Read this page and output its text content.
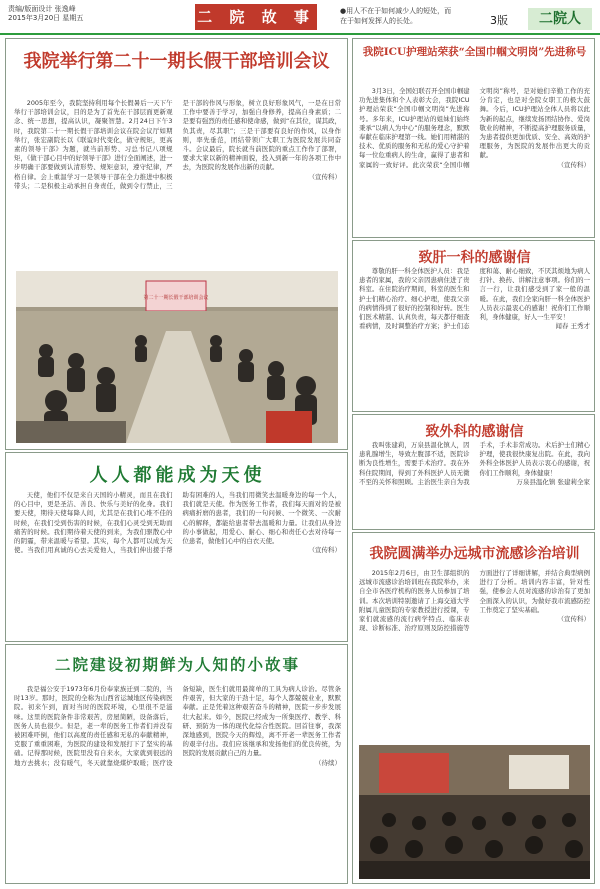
责编/版面设计 张逸峰
2015年3月20日 星期五	二 院 故 事	●用人不在于如何减少人的短处，而
在于如何发挥人的长处。	3版	二院人
我院举行第二十一期长假干部培训会议

2005年至今，我院坚持利用每个长假暑后一天下午举行干部培训会议，目的是为了首先在干部层面更新观念、统一思想，提高认识，凝聚智慧。2月24日下午3时，我院第二十一期长假干部培训会议在院会议厅如期举行，张宏副院长以《联谊时代变化，做守规矩，更高素的领导干部》为题，就当前形势、习总书记八项规矩，《做干部心目中的好领导干部》进行全面阐述，进一步明确干部要做到认清形势、规矩意识，遵守纪律，严格自律。会上重温学习一是领导干部在全力推进中积极带头；二是积极主动承担自身责任，做到令行禁止，三是干部的作风与形象，树立良好形象风气，一是在日常工作中要善于学习，加强自身修养，提高自身素质；二是要有强烈的责任感和使命感，做到“在其位，谋其政，负其责，尽其职”；三是干部要有良好的作风，以身作则，率先垂范，团结带领广大职工为医院发展共同奋斗。会议最后，院长就当前医院的重点工作作了部署，要求大家以新的精神面貌，投入到新一年的各项工作中去，为医院的发展作出新的贡献。

（宣传科）

第二十一期长假干部培训会议
我院ICU护理站荣获“全国巾帼文明岗”先进称号

3月3日，全国妇联召开全国巾帼建功先进集体和个人表彰大会，我院ICU护理站荣获“全国巾帼文明岗”先进称号。多年来，ICU护理站的姐妹们始终秉承“以病人为中心”的服务理念，默默奉献在临床护理第一线。她们用精湛的技术、优质的服务和无私的爱心守护着每一位危重病人的生命，赢得了患者和家属的一致好评。此次荣获“全国巾帼文明岗”称号，是对她们辛勤工作的充分肯定，也是对全院女职工的极大鼓舞。今后，ICU护理站全体人员将以此为新的起点，继续发扬团结协作、爱岗敬业的精神，不断提高护理服务质量，为患者提供更加优质、安全、高效的护理服务，为医院的发展作出更大的贡献。

（宣传科）

致肝一科的感谢信

尊敬的肝一科全体医护人员：我是患者的家属，我的父亲因患病住进了贵科室。在住院治疗期间，科室的医生和护士们精心治疗、细心护理，使我父亲的病情得到了很好的控制和好转。医生们医术精湛、认真负责，每天都仔细查看病情，及时调整治疗方案；护士们态度和蔼、耐心细致，不厌其烦地为病人打针、换药、讲解注意事项。你们的一言一行，让我们感受到了家一般的温暖。在此，我们全家向肝一科全体医护人员表示最衷心的感谢！祝你们工作顺利，身体健康，好人一生平安！

闻春 王秀才

致外科的感谢信

我叫张建莉，万泉县温化镇人，因患乳腺增生，导致左腹部不适，医院诊断为良性增生，需要手术治疗。我在外科住院期间，得到了外科医护人员无微不至的关怀和照顾。主治医生亲自为我手术，手术非常成功。术后护士们精心护理，使我很快康复出院。在此，我向外科全体医护人员表示衷心的感谢，祝你们工作顺利，身体健康！

万泉县温化镇 张建莉全家

人人都能成为天使

天使，他们不仅是来自天国的小精灵，而且在我们的心目中，更是圣洁、善良、快乐与美好的化身。我们要天使，期待天使每降人间，尤其是在我们心堆不佳的时候，在我们受到伤害的时候，在我们心灵受到无助而痛苦的时候。我们期待着天使的到来，为我们驱散心中的阴霾，带来温暖与希望。其实，每个人都可以成为天使。当我们用真诚的心去关爱他人，当我们伸出援手帮助有困难的人，当我们用微笑去温暖身边的每一个人，我们就是天使。作为医务工作者，我们每天面对的是被病痛折磨的患者，我们的一句问候、一个微笑、一次耐心的解释，都能给患者带去温暖和力量。让我们从身边的小事做起，用爱心、耐心、细心和责任心去对待每一位患者，做他们心中的白衣天使。

（宣传科）	我院圆满举办远城市流感诊治培训

2015年2月6日，由卫生部组织的远城市流感诊治培训班在我院举办，来自全市各医疗机构的医务人员参加了培训。本次培训特别邀请了上海交通大学附属儿童医院的专家教授进行授课，专家们就流感的流行病学特点、临床表现、诊断标准、治疗原则及防控措施等方面进行了详细讲解，并结合典型病例进行了分析。培训内容丰富，针对性强，使参会人员对流感的诊治有了更加全面深入的认识，为做好我市流感防控工作奠定了坚实基础。

（宣传科）

二院建设初期鲜为人知的小故事

我是福公安于1973年6月份奉家族迁到二院的，当时13岁。那时，医院的全称为山西省运城地区传染病医院。初来乍到，面对当时的医院环境，心里很不是滋味。这里的医院条件非常艰苦，房屋简陋，设备落后，医务人员也很少。但是，老一辈的医务工作者们并没有被困难吓倒，他们以高度的责任感和无私的奉献精神，克服了重重困难，为医院的建设和发展打下了坚实的基础。记得那时候，医院里没有自来水，大家就到很远的地方去挑水；没有暖气，冬天就靠烧煤炉取暖；医疗设备短缺，医生们就用最简单的工具为病人诊治。尽管条件艰苦，但大家的干劲十足，每个人都兢兢业业，默默奉献。正是凭着这种艰苦奋斗的精神，医院一步步发展壮大起来。如今，医院已经成为一所集医疗、教学、科研、预防为一体的现代化综合性医院。回首往事，我深深地感到，医院今天的辉煌，离不开老一辈医务工作者的艰辛付出。我们应该继承和发扬他们的优良传统，为医院的发展贡献自己的力量。

（待续）
